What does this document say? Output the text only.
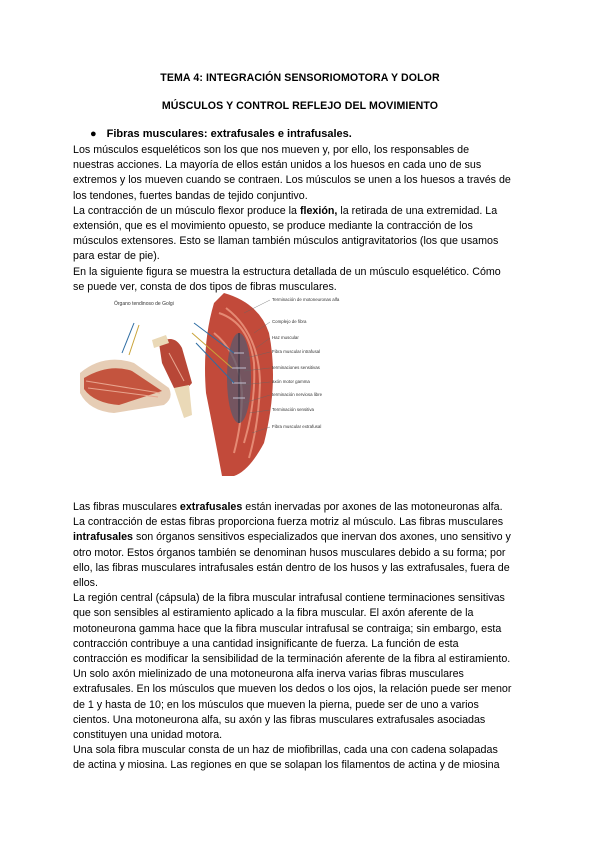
TEMA 4: INTEGRACIÓN SENSORIOMOTORA Y DOLOR
MÚSCULOS Y CONTROL REFLEJO DEL MOVIMIENTO
● Fibras musculares: extrafusales e intrafusales.
Los músculos esqueléticos son los que nos mueven y, por ello, los responsables de
nuestras acciones. La mayoría de ellos están unidos a los huesos en cada uno de sus
extremos y los mueven cuando se contraen. Los músculos se unen a los huesos a través de
los tendones, fuertes bandas de tejido conjuntivo.
La contracción de un músculo flexor produce la flexión, la retirada de una extremidad. La
extensión, que es el movimiento opuesto, se produce mediante la contracción de los
músculos extensores. Esto se llaman también músculos antigravitatorios (los que usamos
para estar de pie).
En la siguiente figura se muestra la estructura detallada de un músculo esquelético. Cómo
se puede ver, consta de dos tipos de fibras musculares.
Órgano tendinoso de Golgi
Terminación de motoneuronas alfa
Complejo de fibra
Haz muscular
Fibra muscular intrafusal
terminaciones sensitivas
axón motor gamma
terminación nerviosa libre
Terminación sensitiva
Fibra muscular extrafusal
Las fibras musculares extrafusales están inervadas por axones de las motoneuronas alfa.
La contracción de estas fibras proporciona fuerza motriz al músculo. Las fibras musculares
intrafusales son órganos sensitivos especializados que inervan dos axones, uno sensitivo y
otro motor. Estos órganos también se denominan husos musculares debido a su forma; por
ello, las fibras musculares intrafusales están dentro de los husos y las extrafusales, fuera de
ellos.
La región central (cápsula) de la fibra muscular intrafusal contiene terminaciones sensitivas
que son sensibles al estiramiento aplicado a la fibra muscular. El axón aferente de la
motoneurona gamma hace que la fibra muscular intrafusal se contraiga; sin embargo, esta
contracción contribuye a una cantidad insignificante de fuerza. La función de esta
contracción es modificar la sensibilidad de la terminación aferente de la fibra al estiramiento.
Un solo axón mielinizado de una motoneurona alfa inerva varias fibras musculares
extrafusales. En los músculos que mueven los dedos o los ojos, la relación puede ser menor
de 1 y hasta de 10; en los músculos que mueven la pierna, puede ser de uno a varios
cientos. Una motoneurona alfa, su axón y las fibras musculares extrafusales asociadas
constituyen una unidad motora.
Una sola fibra muscular consta de un haz de miofibrillas, cada una con cadena solapadas
de actina y miosina. Las regiones en que se solapan los filamentos de actina y de miosina
